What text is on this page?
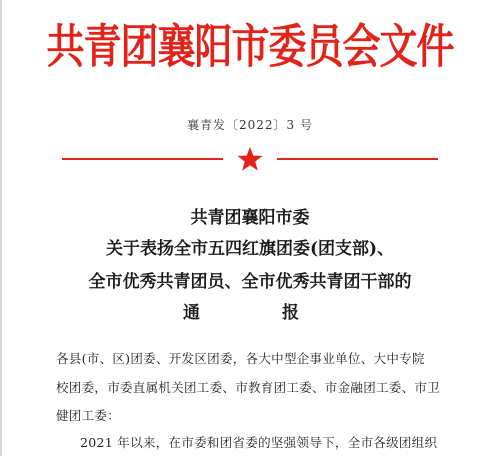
共青团襄阳市委员会文件
襄青发〔2022〕3 号
共青团襄阳市委
关于表扬全市五四红旗团委(团支部)、
全市优秀共青团员、全市优秀共青团干部的
通	报
各县(市、区)团委、开发区团委，各大中型企事业单位、大中专院
校团委，市委直属机关团工委、市教育团工委、市金融团工委、市卫
健团工委：
2021 年以来，在市委和团省委的坚强领导下，全市各级团组织
